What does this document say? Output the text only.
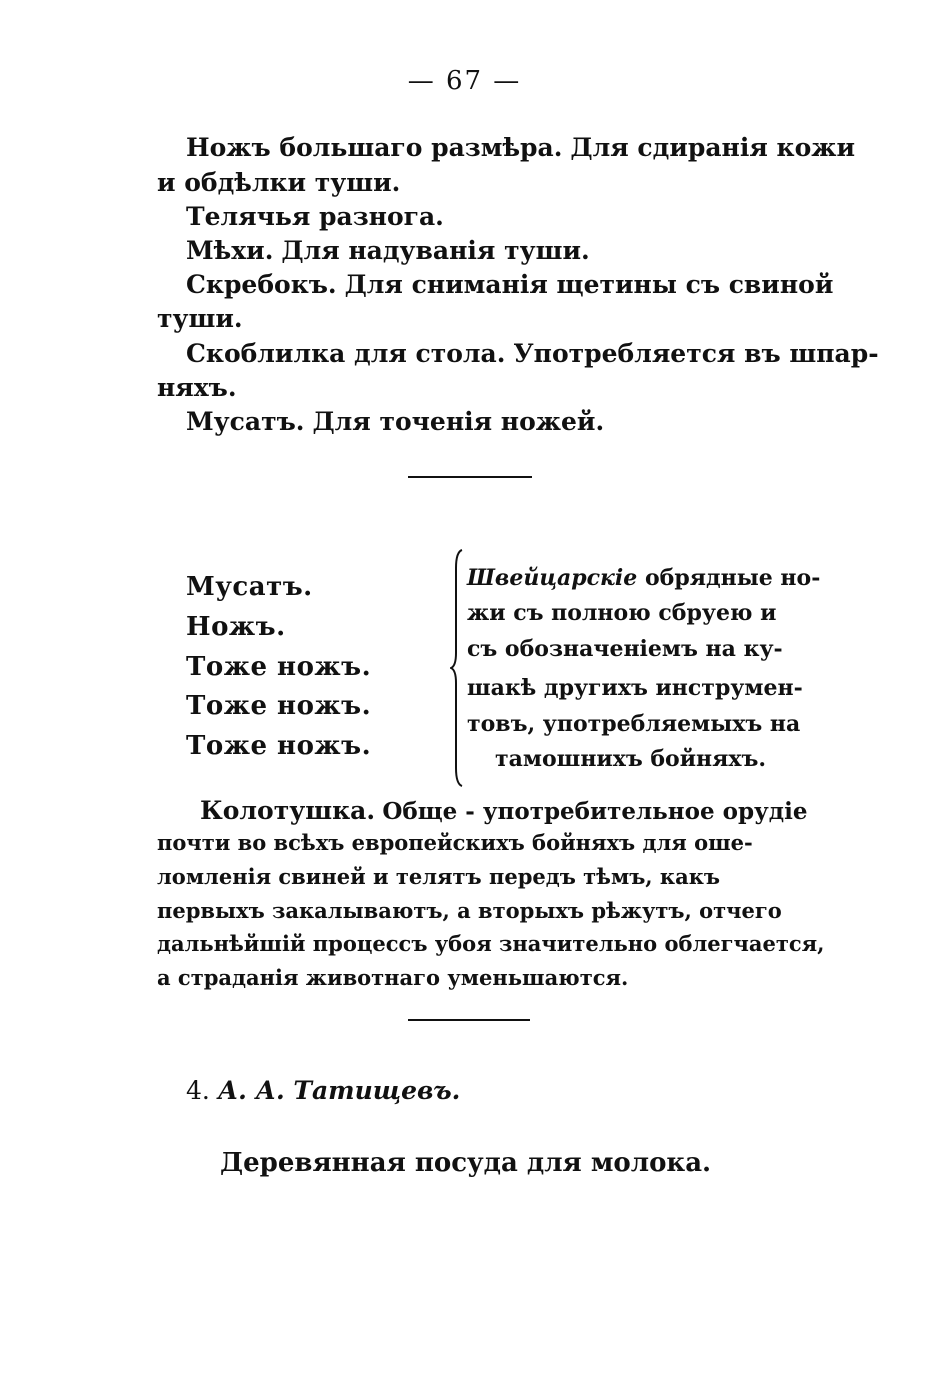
— 67 —
Ножъ большаго размѣра. Для сдиранія кожи
и обдѣлки туши.
Телячья разнога.
Мѣхи. Для надуванія туши.
Скребокъ. Для сниманія щетины съ свиной
туши.
Скоблилка для стола. Употребляется въ шпар-
няхъ.
Мусатъ. Для точенія ножей.
Мусатъ.
Ножъ.
Тоже ножъ.
Тоже ножъ.
Тоже ножъ.
Швейцарскіе обрядные но-
жи съ полною сбруею и
съ обозначеніемъ на ку-
шакѣ другихъ инструмен-
товъ, употребляемыхъ на
тамошнихъ бойняхъ.
Колотушка. Обще - употребительное орудіе
почти во всѣхъ европейскихъ бойняхъ для оше-
ломленія свиней и телятъ передъ тѣмъ, какъ
первыхъ закалываютъ, а вторыхъ рѣжутъ, отчего
дальнѣйшій процессъ убоя значительно облегчается,
а страданія животнаго уменьшаются.
4. А. А. Татищевъ.
Деревянная посуда для молока.
